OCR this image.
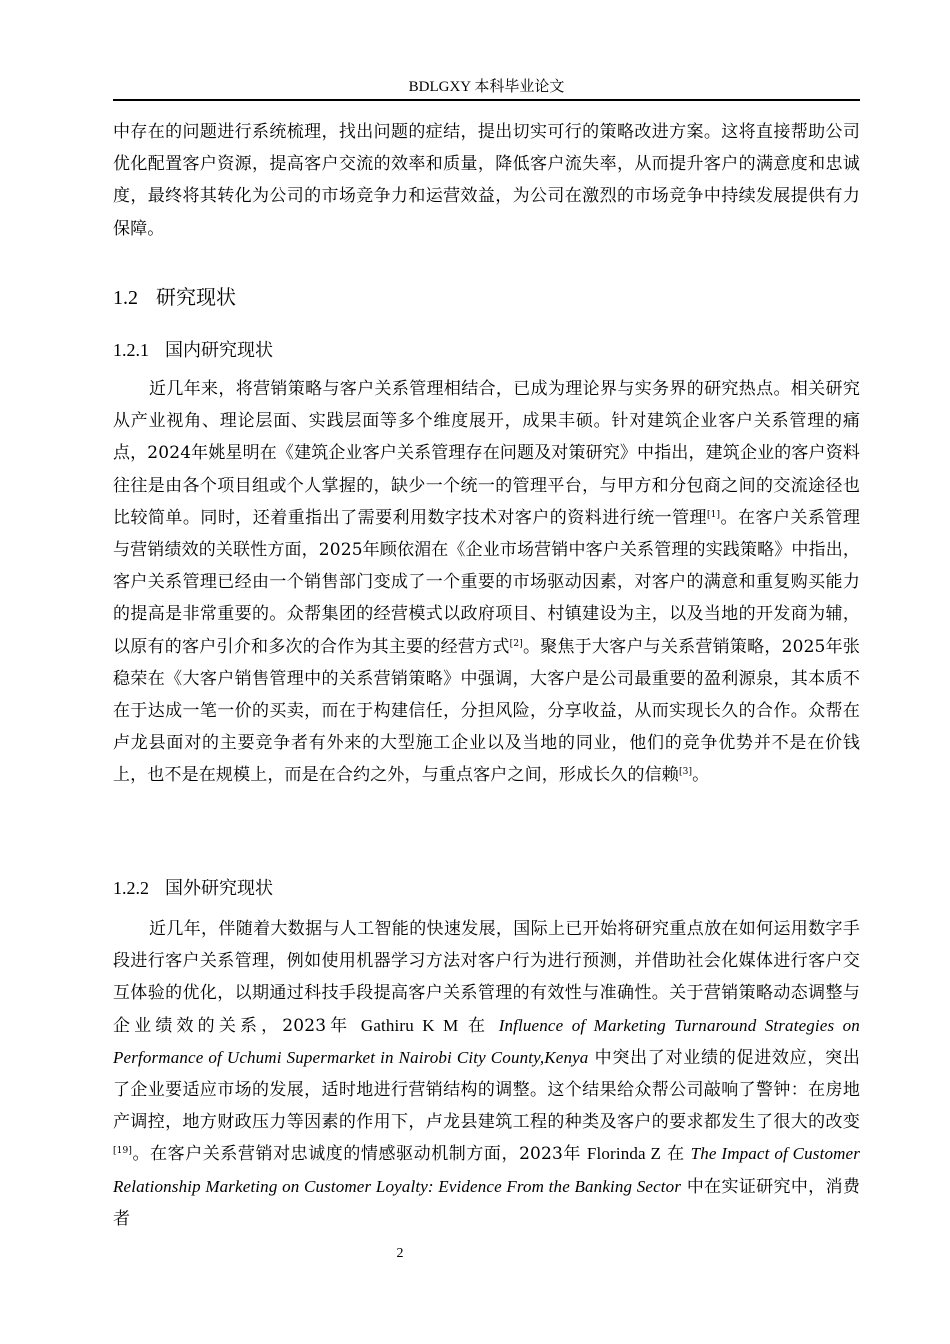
BDLGXY 本科毕业论文

中存在的问题进行系统梳理，找出问题的症结，提出切实可行的策略改进方案。这将直接帮助公司优化配置客户资源，提高客户交流的效率和质量，降低客户流失率，从而提升客户的满意度和忠诚度，最终将其转化为公司的市场竞争力和运营效益，为公司在激烈的市场竞争中持续发展提供有力保障。

1.2 研究现状
1.2.1 国内研究现状

近几年来，将营销策略与客户关系管理相结合，已成为理论界与实务界的研究热点。相关研究从产业视角、理论层面、实践层面等多个维度展开，成果丰硕。针对建筑企业客户关系管理的痛点，2024年姚星明在《建筑企业客户关系管理存在问题及对策研究》中指出，建筑企业的客户资料往往是由各个项目组或个人掌握的，缺少一个统一的管理平台，与甲方和分包商之间的交流途径也比较简单。同时，还着重指出了需要利用数字技术对客户的资料进行统一管理[1]。在客户关系管理与营销绩效的关联性方面，2025年顾依湄在《企业市场营销中客户关系管理的实践策略》中指出，客户关系管理已经由一个销售部门变成了一个重要的市场驱动因素，对客户的满意和重复购买能力的提高是非常重要的。众帮集团的经营模式以政府项目、村镇建设为主，以及当地的开发商为辅，以原有的客户引介和多次的合作为其主要的经营方式[2]。聚焦于大客户与关系营销策略，2025年张稳荣在《大客户销售管理中的关系营销策略》中强调，大客户是公司最重要的盈利源泉，其本质不在于达成一笔一价的买卖，而在于构建信任，分担风险，分享收益，从而实现长久的合作。众帮在卢龙县面对的主要竞争者有外来的大型施工企业以及当地的同业，他们的竞争优势并不是在价钱上，也不是在规模上，而是在合约之外，与重点客户之间，形成长久的信赖[3]。

1.2.2 国外研究现状

近几年，伴随着大数据与人工智能的快速发展，国际上已开始将研究重点放在如何运用数字手段进行客户关系管理，例如使用机器学习方法对客户行为进行预测，并借助社会化媒体进行客户交互体验的优化，以期通过科技手段提高客户关系管理的有效性与准确性。关于营销策略动态调整与企业绩效的关系，2023年 Gathiru K M 在 Influence of Marketing Turnaround Strategies on Performance of Uchumi Supermarket in Nairobi City County,Kenya 中突出了对业绩的促进效应，突出了企业要适应市场的发展，适时地进行营销结构的调整。这个结果给众帮公司敲响了警钟：在房地产调控，地方财政压力等因素的作用下，卢龙县建筑工程的种类及客户的要求都发生了很大的改变[19]。在客户关系营销对忠诚度的情感驱动机制方面，2023年 Florinda Z 在 The Impact of Customer Relationship Marketing on Customer Loyalty: Evidence From the Banking Sector 中在实证研究中，消费者

2
